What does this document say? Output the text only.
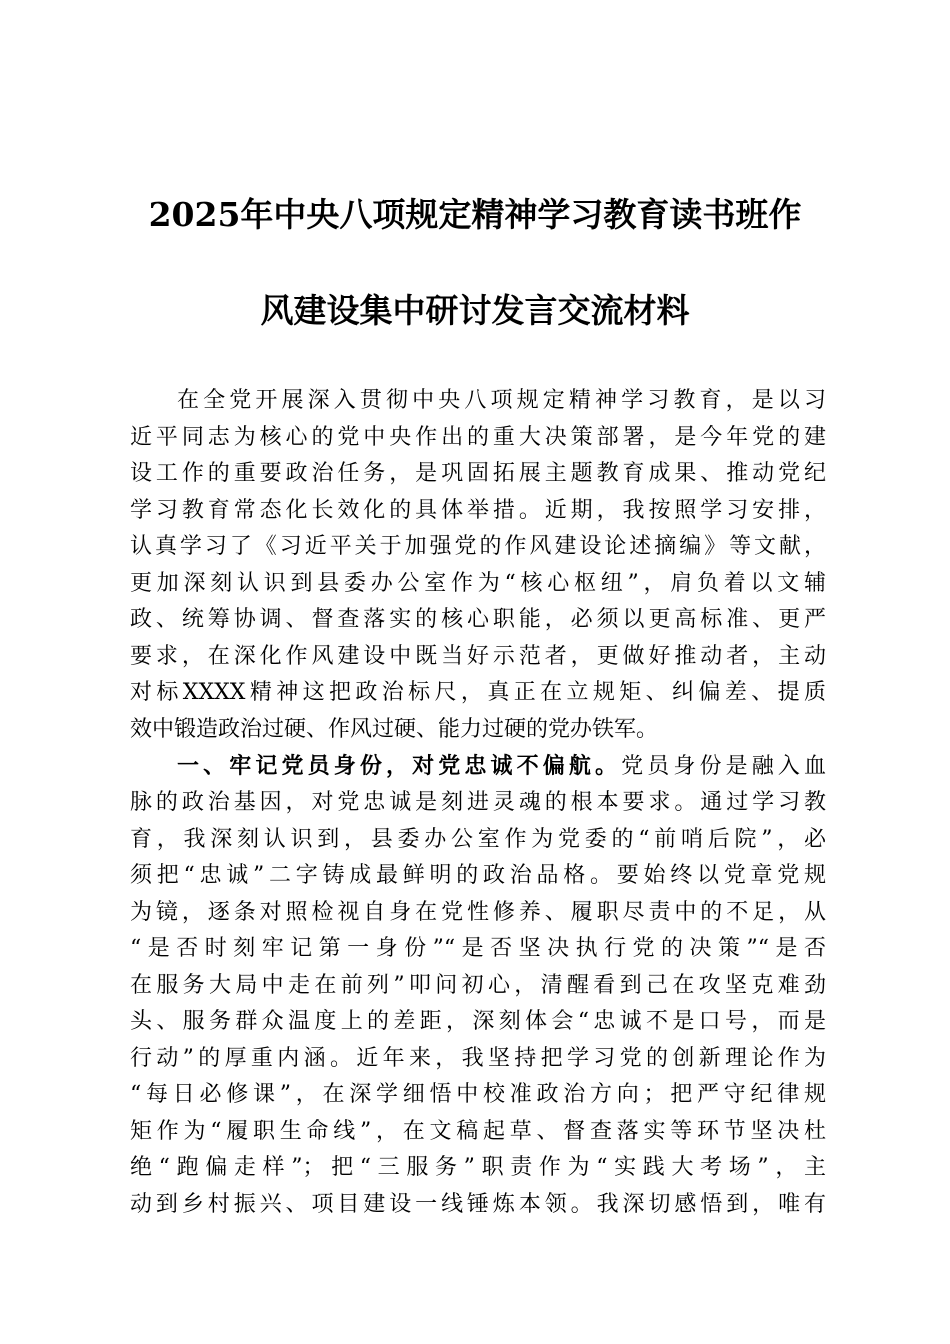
2025年中央八项规定精神学习教育读书班作
风建设集中研讨发言交流材料
在全党开展深入贯彻中央八项规定精神学习教育，是以习
近平同志为核心的党中央作出的重大决策部署，是今年党的建
设工作的重要政治任务，是巩固拓展主题教育成果、推动党纪
学习教育常态化长效化的具体举措。近期，我按照学习安排，
认真学习了《习近平关于加强党的作风建设论述摘编》等文献，
更加深刻认识到县委办公室作为“核心枢纽”，肩负着以文辅
政、统筹协调、督查落实的核心职能，必须以更高标准、更严
要求，在深化作风建设中既当好示范者，更做好推动者，主动
对标XXXX精神这把政治标尺，真正在立规矩、纠偏差、提质
效中锻造政治过硬、作风过硬、能力过硬的党办铁军。
一、牢记党员身份，对党忠诚不偏航。党员身份是融入血
脉的政治基因，对党忠诚是刻进灵魂的根本要求。通过学习教
育，我深刻认识到，县委办公室作为党委的“前哨后院”，必
须把“忠诚”二字铸成最鲜明的政治品格。要始终以党章党规
为镜，逐条对照检视自身在党性修养、履职尽责中的不足，从
“是否时刻牢记第一身份”“是否坚决执行党的决策”“是否
在服务大局中走在前列”叩问初心，清醒看到己在攻坚克难劲
头、服务群众温度上的差距，深刻体会“忠诚不是口号，而是
行动”的厚重内涵。近年来，我坚持把学习党的创新理论作为
“每日必修课”，在深学细悟中校准政治方向；把严守纪律规
矩作为“履职生命线”，在文稿起草、督查落实等环节坚决杜
绝“跑偏走样”；把“三服务”职责作为“实践大考场”，主
动到乡村振兴、项目建设一线锤炼本领。我深切感悟到，唯有
